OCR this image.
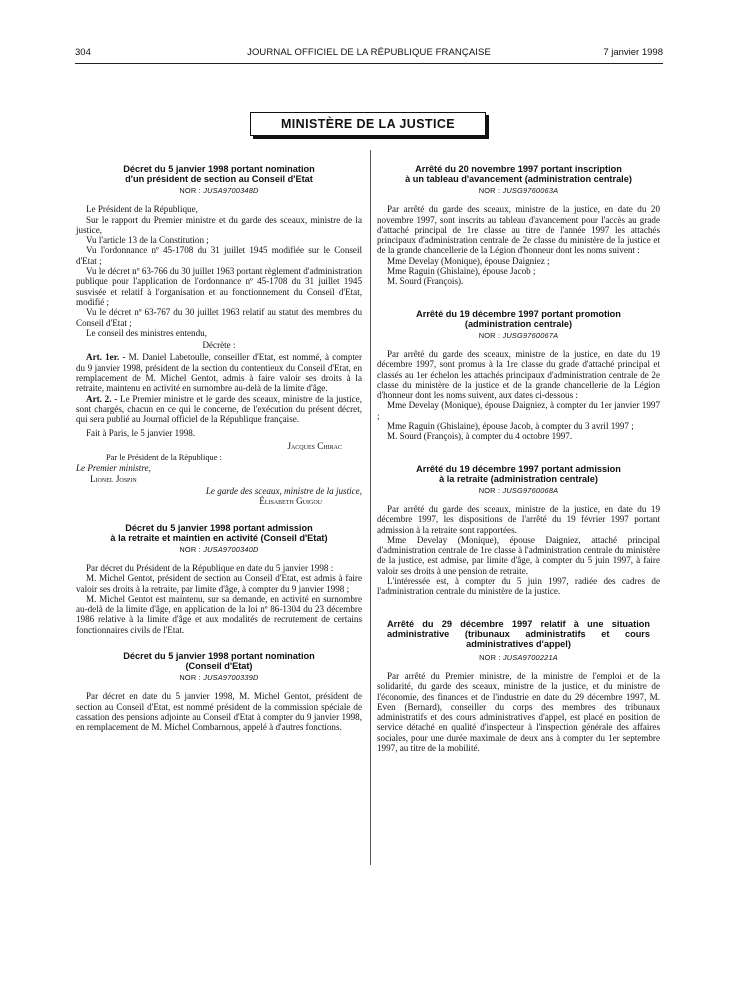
304	JOURNAL OFFICIEL DE LA RÉPUBLIQUE FRANÇAISE	7 janvier 1998
MINISTÈRE DE LA JUSTICE
Décret du 5 janvier 1998 portant nomination
d'un président de section au Conseil d'Etat
NOR : JUSA9700348D

Le Président de la République,

Sur le rapport du Premier ministre et du garde des sceaux, ministre de la justice,

Vu l'article 13 de la Constitution ;

Vu l'ordonnance nº 45-1708 du 31 juillet 1945 modifiée sur le Conseil d'Etat ;

Vu le décret nº 63-766 du 30 juillet 1963 portant règlement d'administration publique pour l'application de l'ordonnance nº 45-1708 du 31 juillet 1945 susvisée et relatif à l'organisation et au fonctionnement du Conseil d'Etat, modifié ;

Vu le décret nº 63-767 du 30 juillet 1963 relatif au statut des membres du Conseil d'Etat ;

Le conseil des ministres entendu,

Décrète :

Art. 1er. - M. Daniel Labetoulle, conseiller d'Etat, est nommé, à compter du 9 janvier 1998, président de la section du contentieux du Conseil d'Etat, en remplacement de M. Michel Gentot, admis à faire valoir ses droits à la retraite, maintenu en activité en surnombre au-delà de la limite d'âge.

Art. 2. - Le Premier ministre et le garde des sceaux, ministre de la justice, sont chargés, chacun en ce qui le concerne, de l'exécution du présent décret, qui sera publié au Journal officiel de la République française.

Fait à Paris, le 5 janvier 1998.

Jacques Chirac

Par le Président de la République :

Le Premier ministre,

Lionel Jospin

Le garde des sceaux, ministre de la justice,

Élisabeth Guigou

Décret du 5 janvier 1998 portant admission
à la retraite et maintien en activité (Conseil d'Etat)
NOR : JUSA9700340D

Par décret du Président de la République en date du 5 janvier 1998 :

M. Michel Gentot, président de section au Conseil d'Etat, est admis à faire valoir ses droits à la retraite, par limite d'âge, à compter du 9 janvier 1998 ;

M. Michel Gentot est maintenu, sur sa demande, en activité en surnombre au-delà de la limite d'âge, en application de la loi nº 86-1304 du 23 décembre 1986 relative à la limite d'âge et aux modalités de recrutement de certains fonctionnaires civils de l'Etat.

Décret du 5 janvier 1998 portant nomination
(Conseil d'Etat)
NOR : JUSA9700339D

Par décret en date du 5 janvier 1998, M. Michel Gentot, président de section au Conseil d'Etat, est nommé président de la commission spéciale de cassation des pensions adjointe au Conseil d'Etat à compter du 9 janvier 1998, en remplacement de M. Michel Combarnous, appelé à d'autres fonctions.

Arrêté du 20 novembre 1997 portant inscription
à un tableau d'avancement (administration centrale)
NOR : JUSG9760063A

Par arrêté du garde des sceaux, ministre de la justice, en date du 20 novembre 1997, sont inscrits au tableau d'avancement pour l'accès au grade d'attaché principal de 1re classe au titre de l'année 1997 les attachés principaux d'administration centrale de 2e classe du ministère de la justice et de la grande chancellerie de la Légion d'honneur dont les noms suivent :

Mme Develay (Monique), épouse Daigniez ;

Mme Raguin (Ghislaine), épouse Jacob ;

M. Sourd (François).

Arrêté du 19 décembre 1997 portant promotion
(administration centrale)
NOR : JUSG9760067A

Par arrêté du garde des sceaux, ministre de la justice, en date du 19 décembre 1997, sont promus à la 1re classe du grade d'attaché principal et classés au 1er échelon les attachés principaux d'administration centrale de 2e classe du ministère de la justice et de la grande chancellerie de la Légion d'honneur dont les noms suivent, aux dates ci-dessous :

Mme Develay (Monique), épouse Daigniez, à compter du 1er janvier 1997 ;

Mme Raguin (Ghislaine), épouse Jacob, à compter du 3 avril 1997 ;

M. Sourd (François), à compter du 4 octobre 1997.

Arrêté du 19 décembre 1997 portant admission
à la retraite (administration centrale)
NOR : JUSG9760068A

Par arrêté du garde des sceaux, ministre de la justice, en date du 19 décembre 1997, les dispositions de l'arrêté du 19 février 1997 portant admission à la retraite sont rapportées.

Mme Develay (Monique), épouse Daigniez, attaché principal d'administration centrale de 1re classe à l'administration centrale du ministère de la justice, est admise, par limite d'âge, à compter du 5 juin 1997, à faire valoir ses droits à une pension de retraite.

L'intéressée est, à compter du 5 juin 1997, radiée des cadres de l'administration centrale du ministère de la justice.

Arrêté du 29 décembre 1997 relatif à une situation administrative (tribunaux administratifs et cours administratives d'appel)
NOR : JUSA9700221A

Par arrêté du Premier ministre, de la ministre de l'emploi et de la solidarité, du garde des sceaux, ministre de la justice, et du ministre de l'économie, des finances et de l'industrie en date du 29 décembre 1997, M. Even (Bernard), conseiller du corps des membres des tribunaux administratifs et des cours administratives d'appel, est placé en position de service détaché en qualité d'inspecteur à l'inspection générale des affaires sociales, pour une durée maximale de deux ans à compter du 1er septembre 1997, au titre de la mobilité.
